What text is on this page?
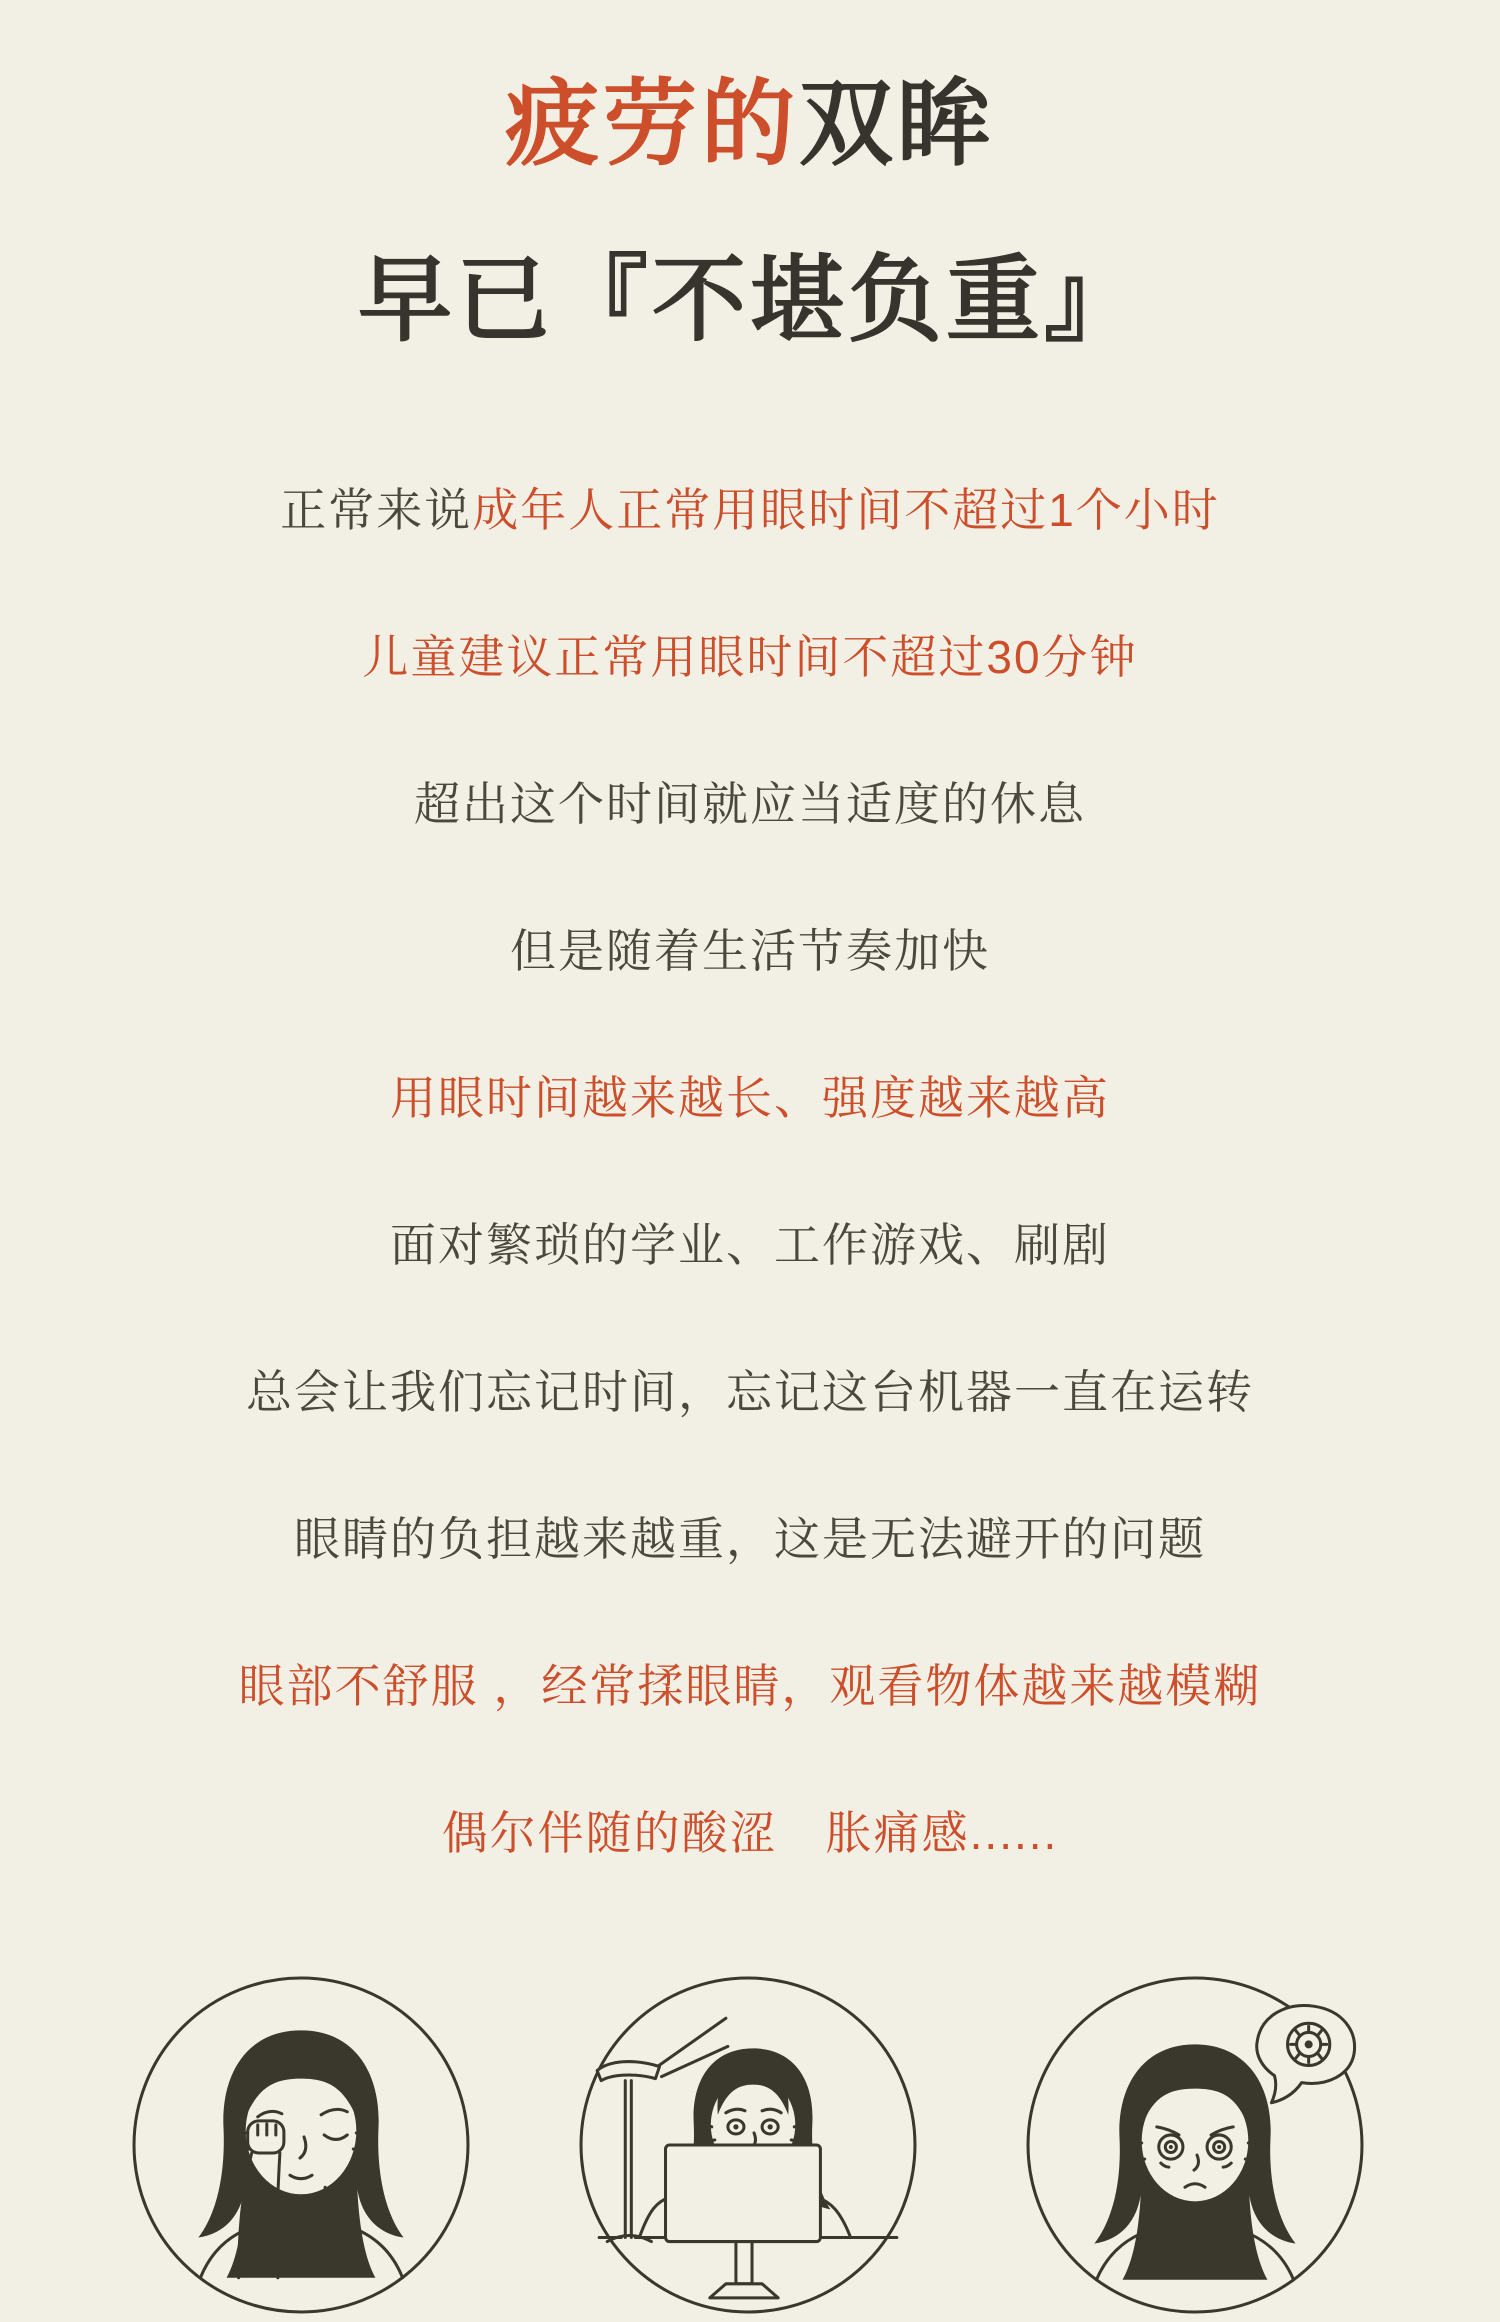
疲劳的双眸
早已『不堪负重』

正常来说成年人正常用眼时间不超过1个小时

儿童建议正常用眼时间不超过30分钟

超出这个时间就应当适度的休息

但是随着生活节奏加快

用眼时间越来越长、强度越来越高

面对繁琐的学业、工作游戏、刷剧

总会让我们忘记时间，忘记这台机器一直在运转

眼睛的负担越来越重，这是无法避开的问题

眼部不舒服 ，经常揉眼睛，观看物体越来越模糊

偶尔伴随的酸涩　胀痛感......
